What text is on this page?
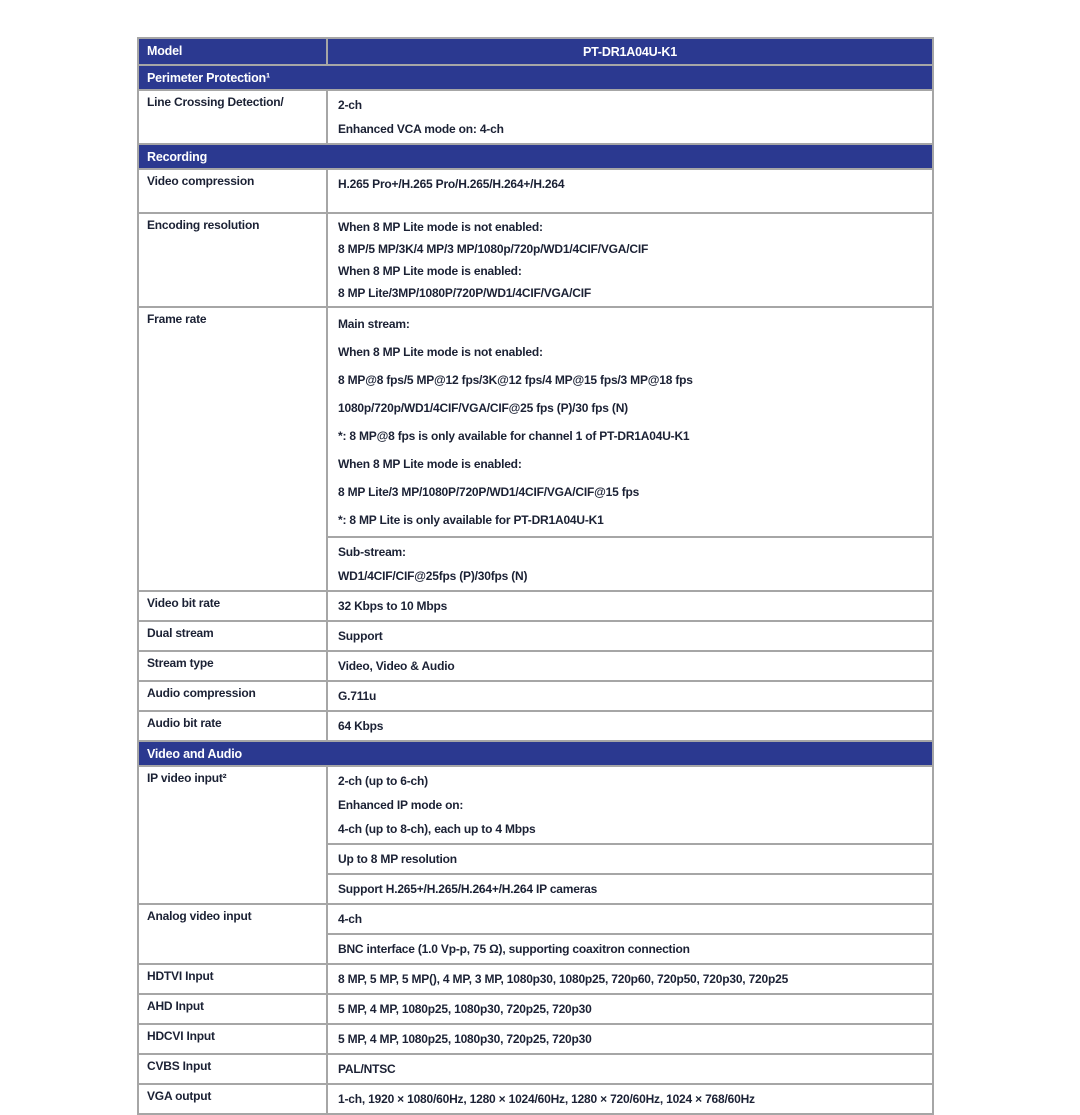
Model	PT-DR1A04U-K1
Perimeter Protection¹
Line Crossing Detection/	2-ch
Enhanced VCA mode on: 4-ch
Recording
Video compression	H.265 Pro+/H.265 Pro/H.265/H.264+/H.264
Encoding resolution	When 8 MP Lite mode is not enabled:
8 MP/5 MP/3K/4 MP/3 MP/1080p/720p/WD1/4CIF/VGA/CIF
When 8 MP Lite mode is enabled:
8 MP Lite/3MP/1080P/720P/WD1/4CIF/VGA/CIF
Frame rate	Main stream:
When 8 MP Lite mode is not enabled:
8 MP@8 fps/5 MP@12 fps/3K@12 fps/4 MP@15 fps/3 MP@18 fps
1080p/720p/WD1/4CIF/VGA/CIF@25 fps (P)/30 fps (N)
*: 8 MP@8 fps is only available for channel 1 of PT-DR1A04U-K1
When 8 MP Lite mode is enabled:
8 MP Lite/3 MP/1080P/720P/WD1/4CIF/VGA/CIF@15 fps
*: 8 MP Lite is only available for PT-DR1A04U-K1
Sub-stream:
WD1/4CIF/CIF@25fps (P)/30fps (N)
Video bit rate	32 Kbps to 10 Mbps
Dual stream	Support
Stream type	Video, Video & Audio
Audio compression	G.711u
Audio bit rate	64 Kbps
Video and Audio
IP video input²	2-ch (up to 6-ch)
Enhanced IP mode on:
4-ch (up to 8-ch), each up to 4 Mbps
Up to 8 MP resolution
Support H.265+/H.265/H.264+/H.264 IP cameras
Analog video input	4-ch
BNC interface (1.0 Vp-p, 75 Ω), supporting coaxitron connection
HDTVI Input	8 MP, 5 MP, 5 MP(), 4 MP, 3 MP, 1080p30, 1080p25, 720p60, 720p50, 720p30, 720p25
AHD Input	5 MP, 4 MP, 1080p25, 1080p30, 720p25, 720p30
HDCVI Input	5 MP, 4 MP, 1080p25, 1080p30, 720p25, 720p30
CVBS Input	PAL/NTSC
VGA output	1-ch, 1920 × 1080/60Hz, 1280 × 1024/60Hz, 1280 × 720/60Hz, 1024 × 768/60Hz
